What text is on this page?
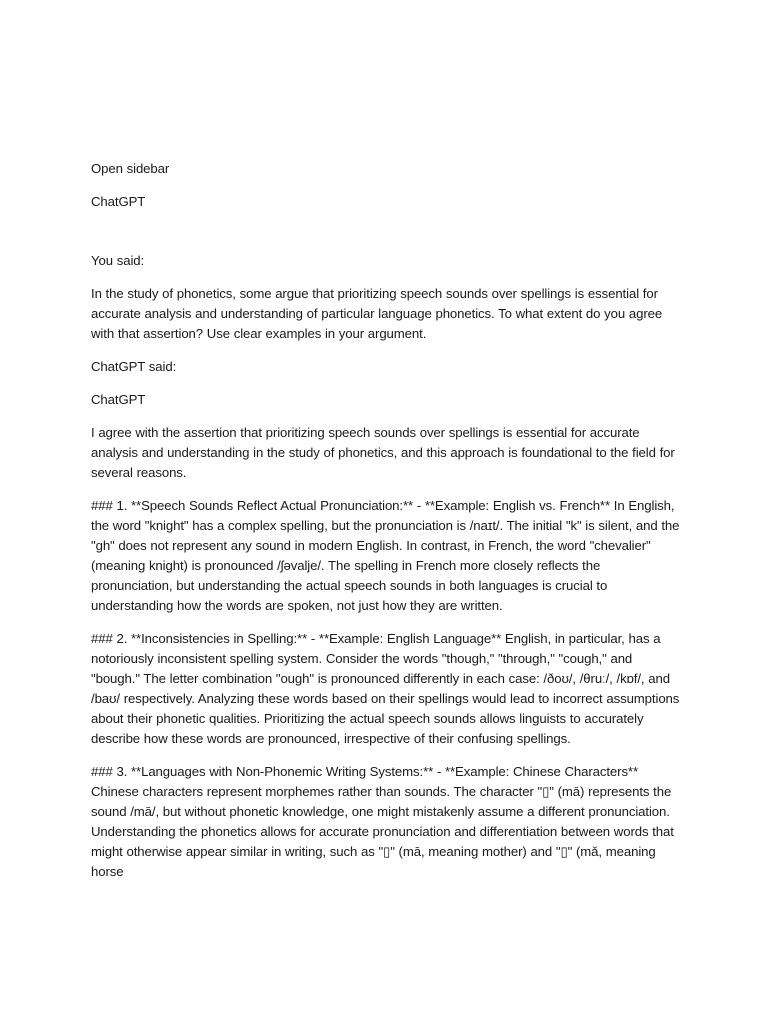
Open sidebar

ChatGPT

You said:

In the study of phonetics, some argue that prioritizing speech sounds over spellings is essential for accurate analysis and understanding of particular language phonetics. To what extent do you agree with that assertion? Use clear examples in your argument.

ChatGPT said:

ChatGPT

I agree with the assertion that prioritizing speech sounds over spellings is essential for accurate analysis and understanding in the study of phonetics, and this approach is foundational to the field for several reasons.

### 1. **Speech Sounds Reflect Actual Pronunciation:** - **Example: English vs. French** In English, the word "knight" has a complex spelling, but the pronunciation is /naɪt/. The initial "k" is silent, and the "gh" does not represent any sound in modern English. In contrast, in French, the word "chevalier" (meaning knight) is pronounced /ʃəvalje/. The spelling in French more closely reflects the pronunciation, but understanding the actual speech sounds in both languages is crucial to understanding how the words are spoken, not just how they are written.

### 2. **Inconsistencies in Spelling:** - **Example: English Language** English, in particular, has a notoriously inconsistent spelling system. Consider the words "though," "through," "cough," and "bough." The letter combination "ough" is pronounced differently in each case: /ðoʊ/, /θruː/, /kɒf/, and /baʊ/ respectively. Analyzing these words based on their spellings would lead to incorrect assumptions about their phonetic qualities. Prioritizing the actual speech sounds allows linguists to accurately describe how these words are pronounced, irrespective of their confusing spellings.

### 3. **Languages with Non-Phonemic Writing Systems:** - **Example: Chinese Characters** Chinese characters represent morphemes rather than sounds. The character "▯" (mā) represents the sound /mā/, but without phonetic knowledge, one might mistakenly assume a different pronunciation. Understanding the phonetics allows for accurate pronunciation and differentiation between words that might otherwise appear similar in writing, such as "▯" (mā, meaning mother) and "▯" (mǎ, meaning horse
